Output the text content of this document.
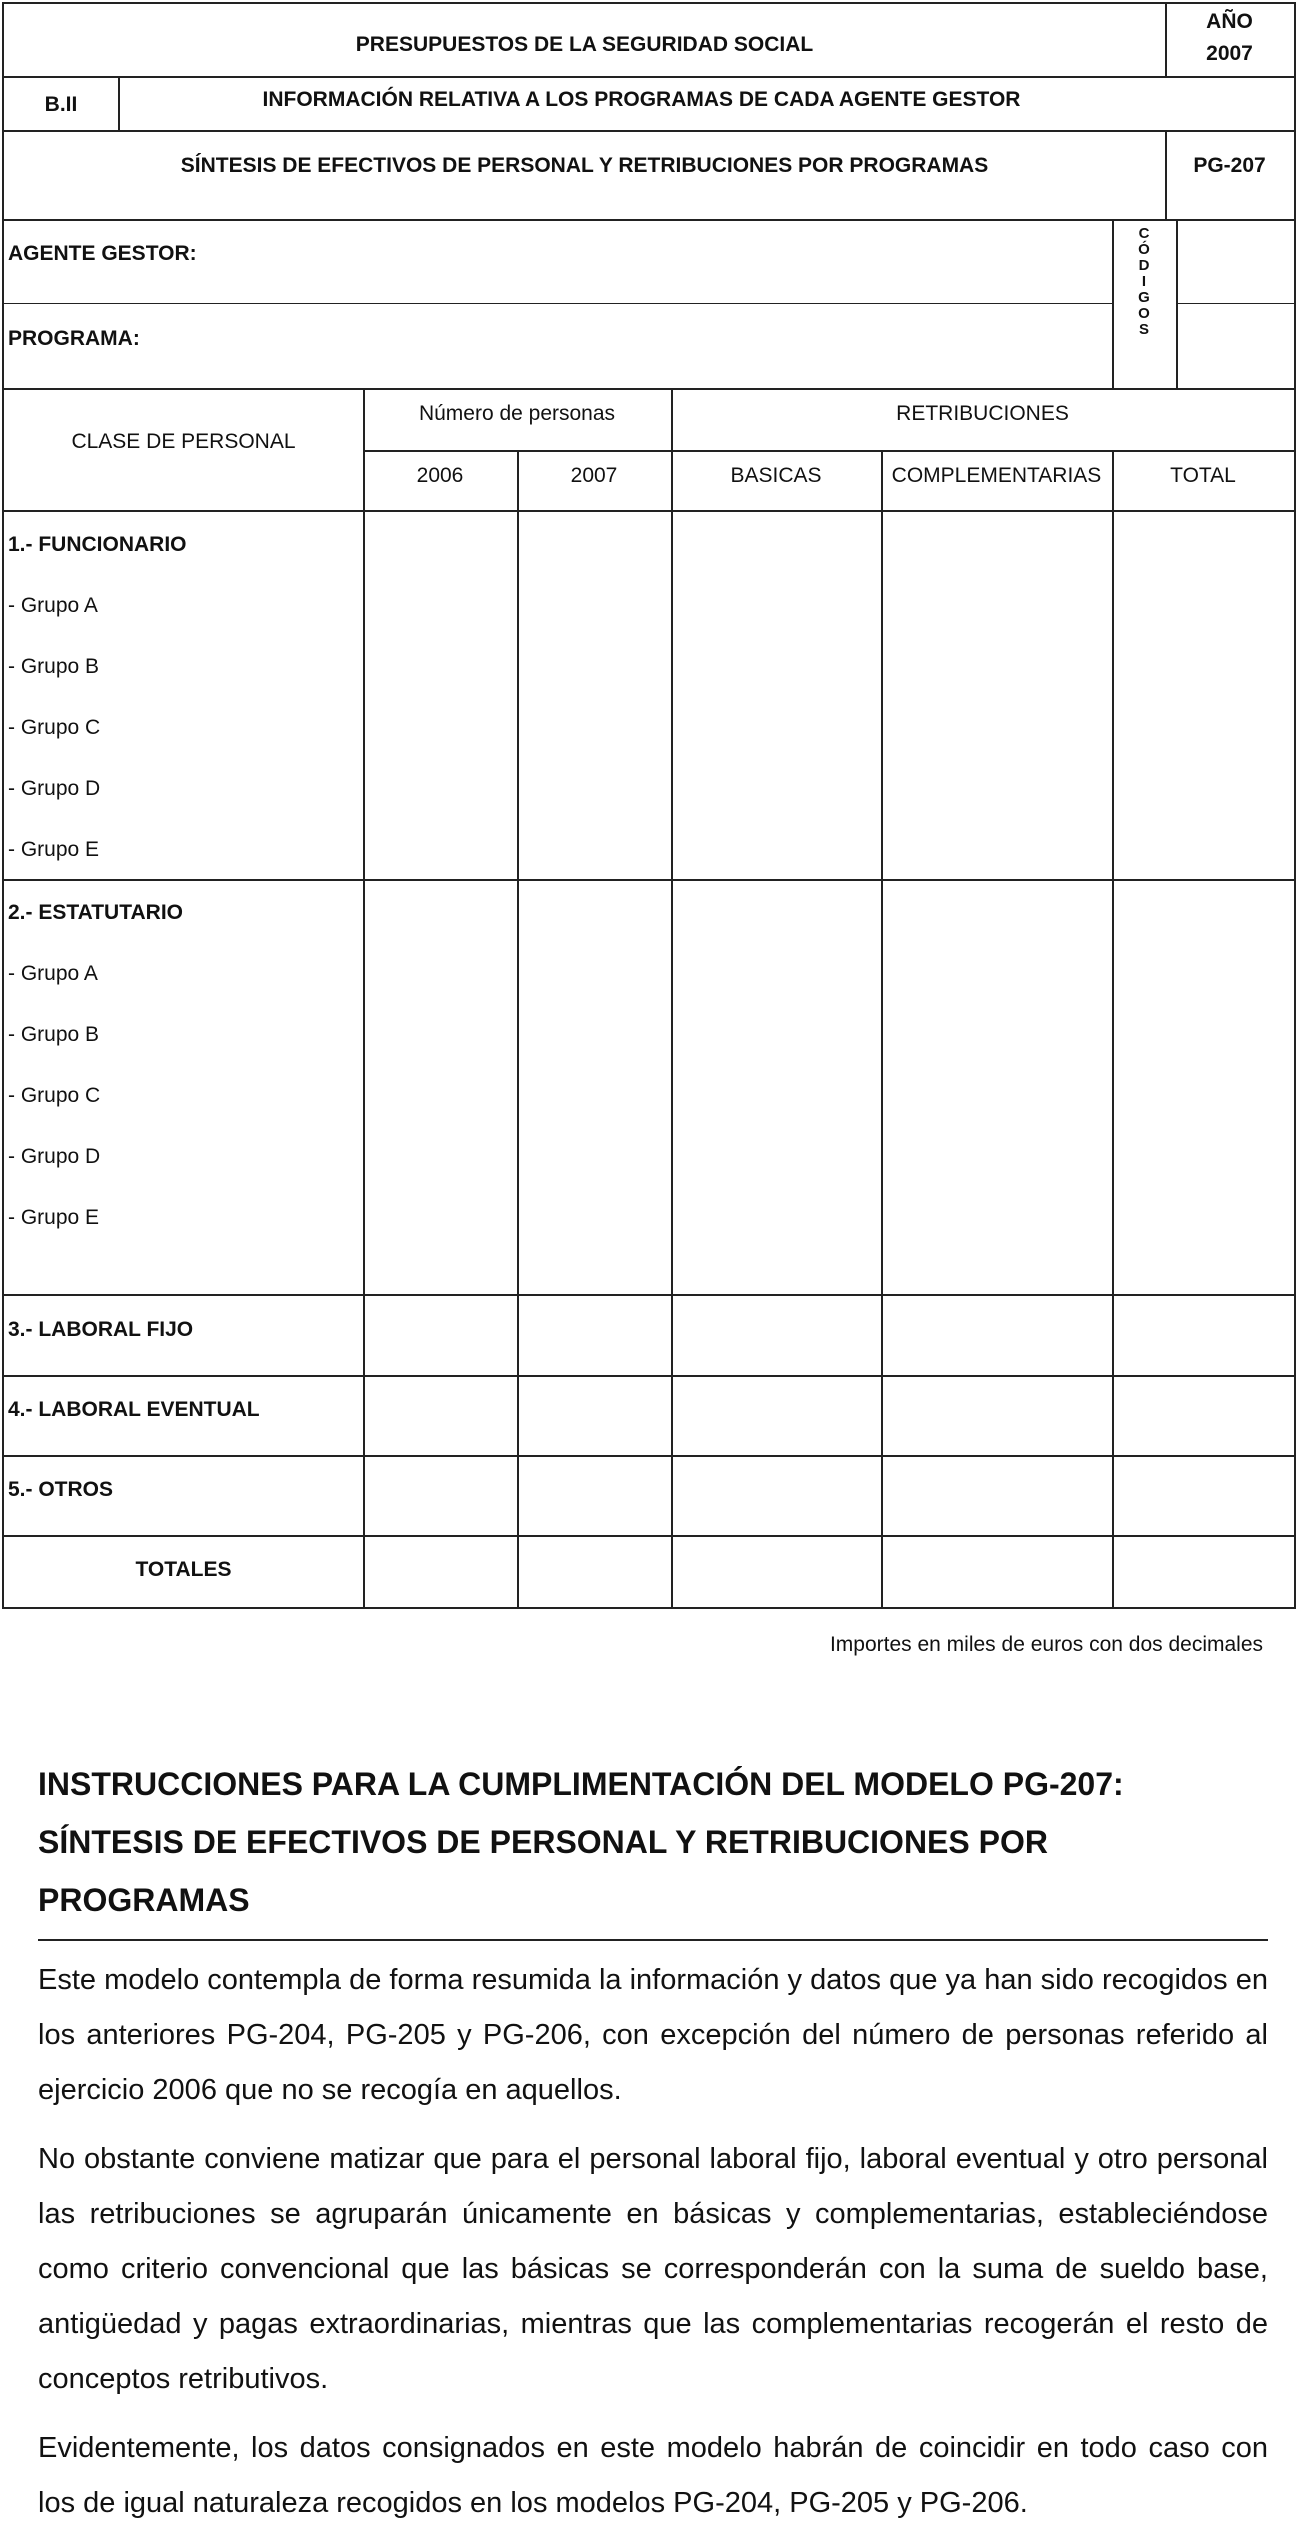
PRESUPUESTOS DE LA SEGURIDAD SOCIAL
AÑO
2007
B.II	INFORMACIÓN RELATIVA A LOS PROGRAMAS DE CADA AGENTE GESTOR
SÍNTESIS DE EFECTIVOS DE PERSONAL Y RETRIBUCIONES POR PROGRAMAS	PG-207
AGENTE GESTOR:
PROGRAMA:
C
Ó
D
I
G
O
S
CLASE DE PERSONAL
Número de personas	RETRIBUCIONES
2006	2007	BASICAS	COMPLEMENTARIAS	TOTAL
1.- FUNCIONARIO
- Grupo A
- Grupo B
- Grupo C
- Grupo D
- Grupo E
2.- ESTATUTARIO
- Grupo A
- Grupo B
- Grupo C
- Grupo D
- Grupo E
3.- LABORAL FIJO
4.- LABORAL EVENTUAL
5.- OTROS
TOTALES
Importes en miles de euros con dos decimales

INSTRUCCIONES PARA LA CUMPLIMENTACIÓN DEL MODELO PG-207: SÍNTESIS DE EFECTIVOS DE PERSONAL Y RETRIBUCIONES POR PROGRAMAS

Este modelo contempla de forma resumida la información y datos que ya han sido recogidos en los anteriores PG-204, PG-205 y PG-206, con excepción del número de personas referido al ejercicio 2006 que no se recogía en aquellos.

No obstante conviene matizar que para el personal laboral fijo, laboral eventual y otro personal las retribuciones se agruparán únicamente en básicas y complementarias, estableciéndose como criterio convencional que las básicas se corresponderán con la suma de sueldo base, antigüedad y pagas extraordinarias, mientras que las complementarias recogerán el resto de conceptos retributivos.

Evidentemente, los datos consignados en este modelo habrán de coincidir en todo caso con los de igual naturaleza recogidos en los modelos PG-204, PG-205 y PG-206.
